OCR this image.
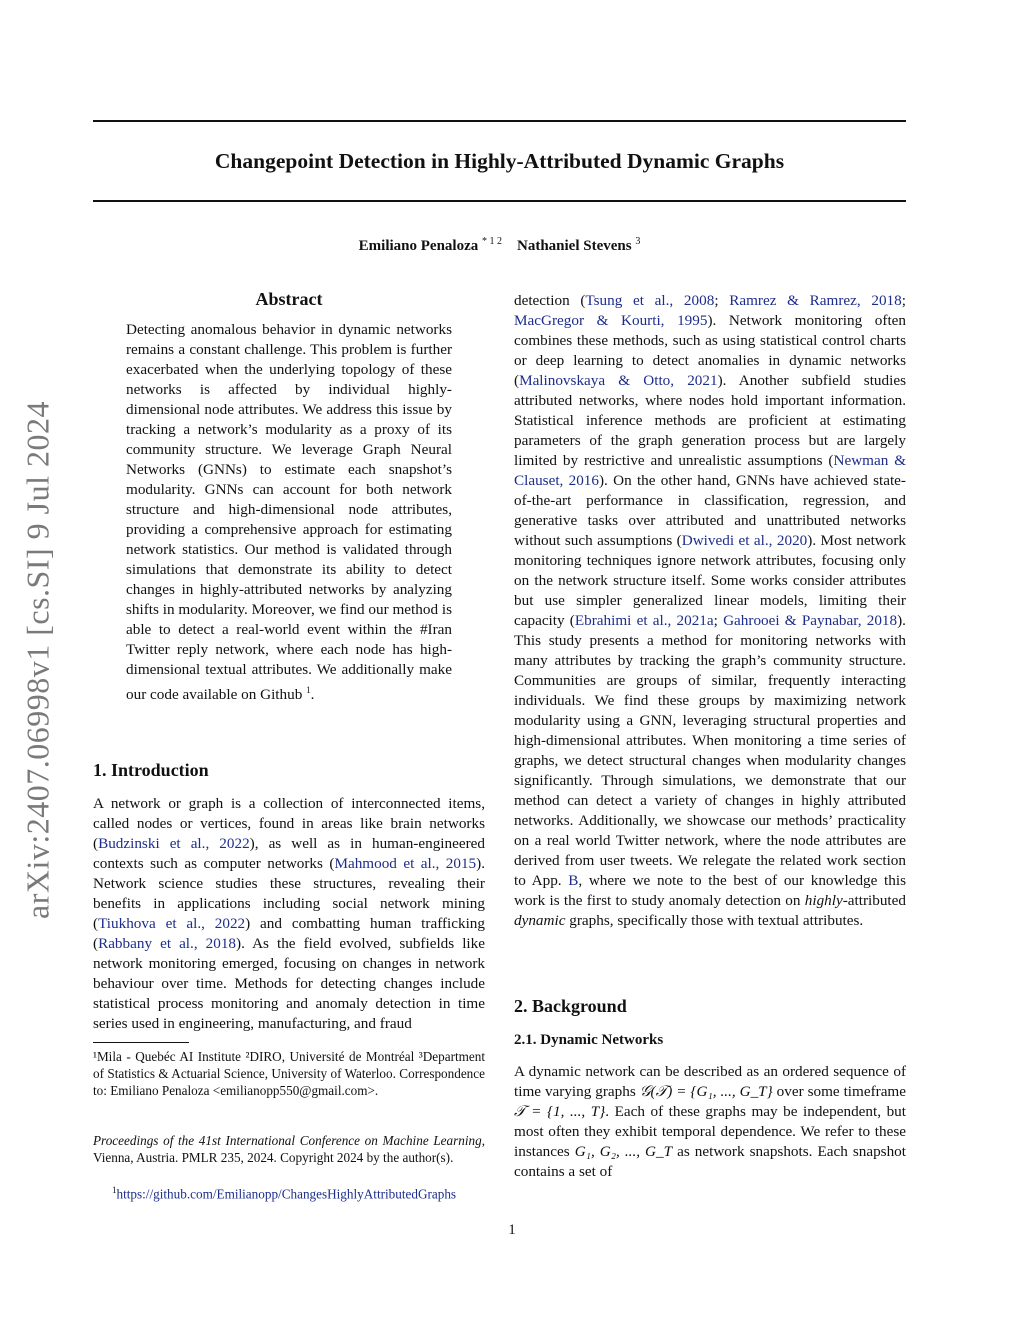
arXiv:2407.06998v1 [cs.SI] 9 Jul 2024
Changepoint Detection in Highly-Attributed Dynamic Graphs
Emiliano Penaloza $^{* 1 2}$ Nathaniel Stevens $^3$
Abstract

Detecting anomalous behavior in dynamic networks remains a constant challenge. This problem is further exacerbated when the underlying topology of these networks is affected by individual highly-dimensional node attributes. We address this issue by tracking a network’s modularity as a proxy of its community structure. We leverage Graph Neural Networks (GNNs) to estimate each snapshot’s modularity. GNNs can account for both network structure and high-dimensional node attributes, providing a comprehensive approach for estimating network statistics. Our method is validated through simulations that demonstrate its ability to detect changes in highly-attributed networks by analyzing shifts in modularity. Moreover, we find our method is able to detect a real-world event within the #Iran Twitter reply network, where each node has high-dimensional textual attributes. We additionally make our code available on Github $^1$.

1. Introduction

A network or graph is a collection of interconnected items, called nodes or vertices, found in areas like brain networks (Budzinski et al., 2022), as well as in human-engineered contexts such as computer networks (Mahmood et al., 2015). Network science studies these structures, revealing their benefits in applications including social network mining (Tiukhova et al., 2022) and combatting human trafficking (Rabbany et al., 2018). As the field evolved, subfields like network monitoring emerged, focusing on changes in network behaviour over time. Methods for detecting changes include statistical process monitoring and anomaly detection in time series used in engineering, manufacturing, and fraud

¹Mila - Quebéc AI Institute ²DIRO, Université de Montréal ³Department of Statistics & Actuarial Science, University of Waterloo. Correspondence to: Emiliano Penaloza <emilianopp550@gmail.com>.
Proceedings of the 41st International Conference on Machine Learning, Vienna, Austria. PMLR 235, 2024. Copyright 2024 by the author(s).
$^1$https://github.com/Emilianopp/ChangesHighlyAttributedGraphs

detection (Tsung et al., 2008; Ramrez & Ramrez, 2018; MacGregor & Kourti, 1995). Network monitoring often combines these methods, such as using statistical control charts or deep learning to detect anomalies in dynamic networks (Malinovskaya & Otto, 2021). Another subfield studies attributed networks, where nodes hold important information. Statistical inference methods are proficient at estimating parameters of the graph generation process but are largely limited by restrictive and unrealistic assumptions (Newman & Clauset, 2016). On the other hand, GNNs have achieved state-of-the-art performance in classification, regression, and generative tasks over attributed and unattributed networks without such assumptions (Dwivedi et al., 2020). Most network monitoring techniques ignore network attributes, focusing only on the network structure itself. Some works consider attributes but use simpler generalized linear models, limiting their capacity (Ebrahimi et al., 2021a; Gahrooei & Paynabar, 2018). This study presents a method for monitoring networks with many attributes by tracking the graph’s community structure. Communities are groups of similar, frequently interacting individuals. We find these groups by maximizing network modularity using a GNN, leveraging structural properties and high-dimensional attributes. When monitoring a time series of graphs, we detect structural changes when modularity changes significantly. Through simulations, we demonstrate that our method can detect a variety of changes in highly attributed networks. Additionally, we showcase our methods’ practicality on a real world Twitter network, where the node attributes are derived from user tweets. We relegate the related work section to App. B, where we note to the best of our knowledge this work is the first to study anomaly detection on highly-attributed dynamic graphs, specifically those with textual attributes.

2. Background
2.1. Dynamic Networks

A dynamic network can be described as an ordered sequence of time varying graphs 𝒢(𝒯) = {G₁, ..., G_T} over some timeframe 𝒯 = {1, ..., T}. Each of these graphs may be independent, but most often they exhibit temporal dependence. We refer to these instances G₁, G₂, ..., G_T as network snapshots. Each snapshot contains a set of

1
